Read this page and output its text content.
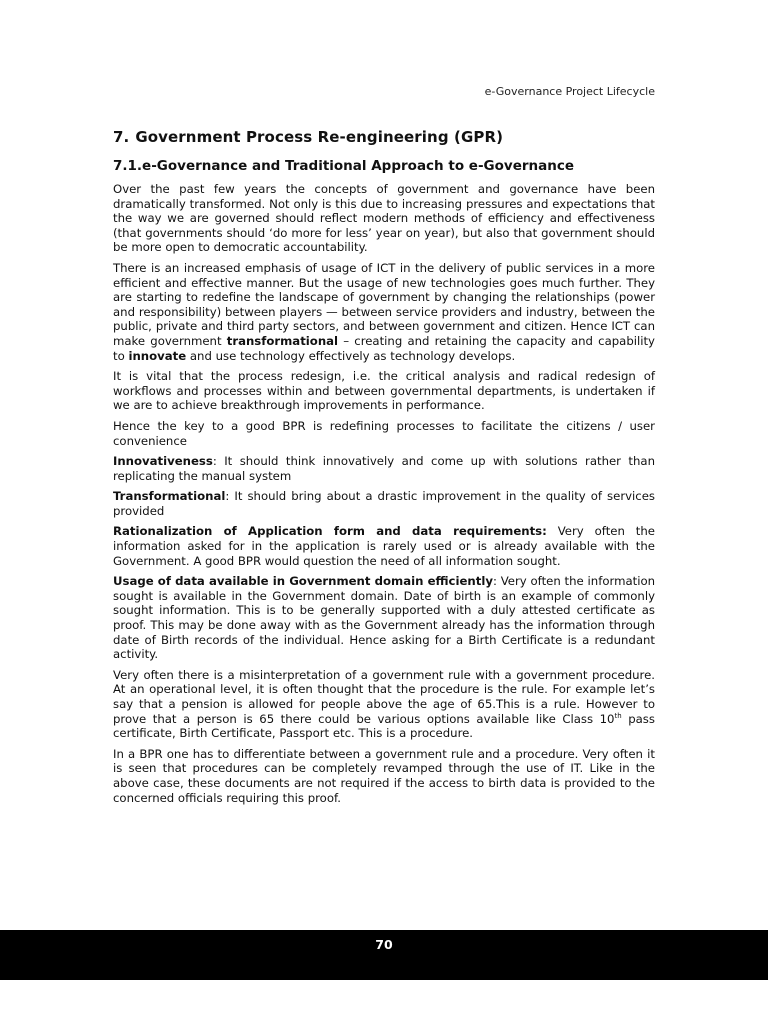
e-Governance Project Lifecycle
7. Government Process Re-engineering (GPR)
7.1.e-Governance and Traditional Approach to e-Governance

Over the past few years the concepts of government and governance have been dramatically transformed. Not only is this due to increasing pressures and expectations that the way we are governed should reflect modern methods of efficiency and effectiveness (that governments should ‘do more for less’ year on year), but also that government should be more open to democratic accountability.

There is an increased emphasis of usage of ICT in the delivery of public services in a more efficient and effective manner. But the usage of new technologies goes much further. They are starting to redefine the landscape of government by changing the relationships (power and responsibility) between players — between service providers and industry, between the public, private and third party sectors, and between government and citizen. Hence ICT can make government transformational – creating and retaining the capacity and capability to innovate and use technology effectively as technology develops.

It is vital that the process redesign, i.e. the critical analysis and radical redesign of workflows and processes within and between governmental departments, is undertaken if we are to achieve breakthrough improvements in performance.

Hence the key to a good BPR is redefining processes to facilitate the citizens / user convenience

Innovativeness: It should think innovatively and come up with solutions rather than replicating the manual system

Transformational: It should bring about a drastic improvement in the quality of services provided

Rationalization of Application form and data requirements: Very often the information asked for in the application is rarely used or is already available with the Government. A good BPR would question the need of all information sought.

Usage of data available in Government domain efficiently: Very often the information sought is available in the Government domain. Date of birth is an example of commonly sought information. This is to be generally supported with a duly attested certificate as proof. This may be done away with as the Government already has the information through date of Birth records of the individual. Hence asking for a Birth Certificate is a redundant activity.

Very often there is a misinterpretation of a government rule with a government procedure. At an operational level, it is often thought that the procedure is the rule. For example let’s say that a pension is allowed for people above the age of 65.This is a rule. However to prove that a person is 65 there could be various options available like Class 10th pass certificate, Birth Certificate, Passport etc. This is a procedure.

In a BPR one has to differentiate between a government rule and a procedure. Very often it is seen that procedures can be completely revamped through the use of IT. Like in the above case, these documents are not required if the access to birth data is provided to the concerned officials requiring this proof.

70
